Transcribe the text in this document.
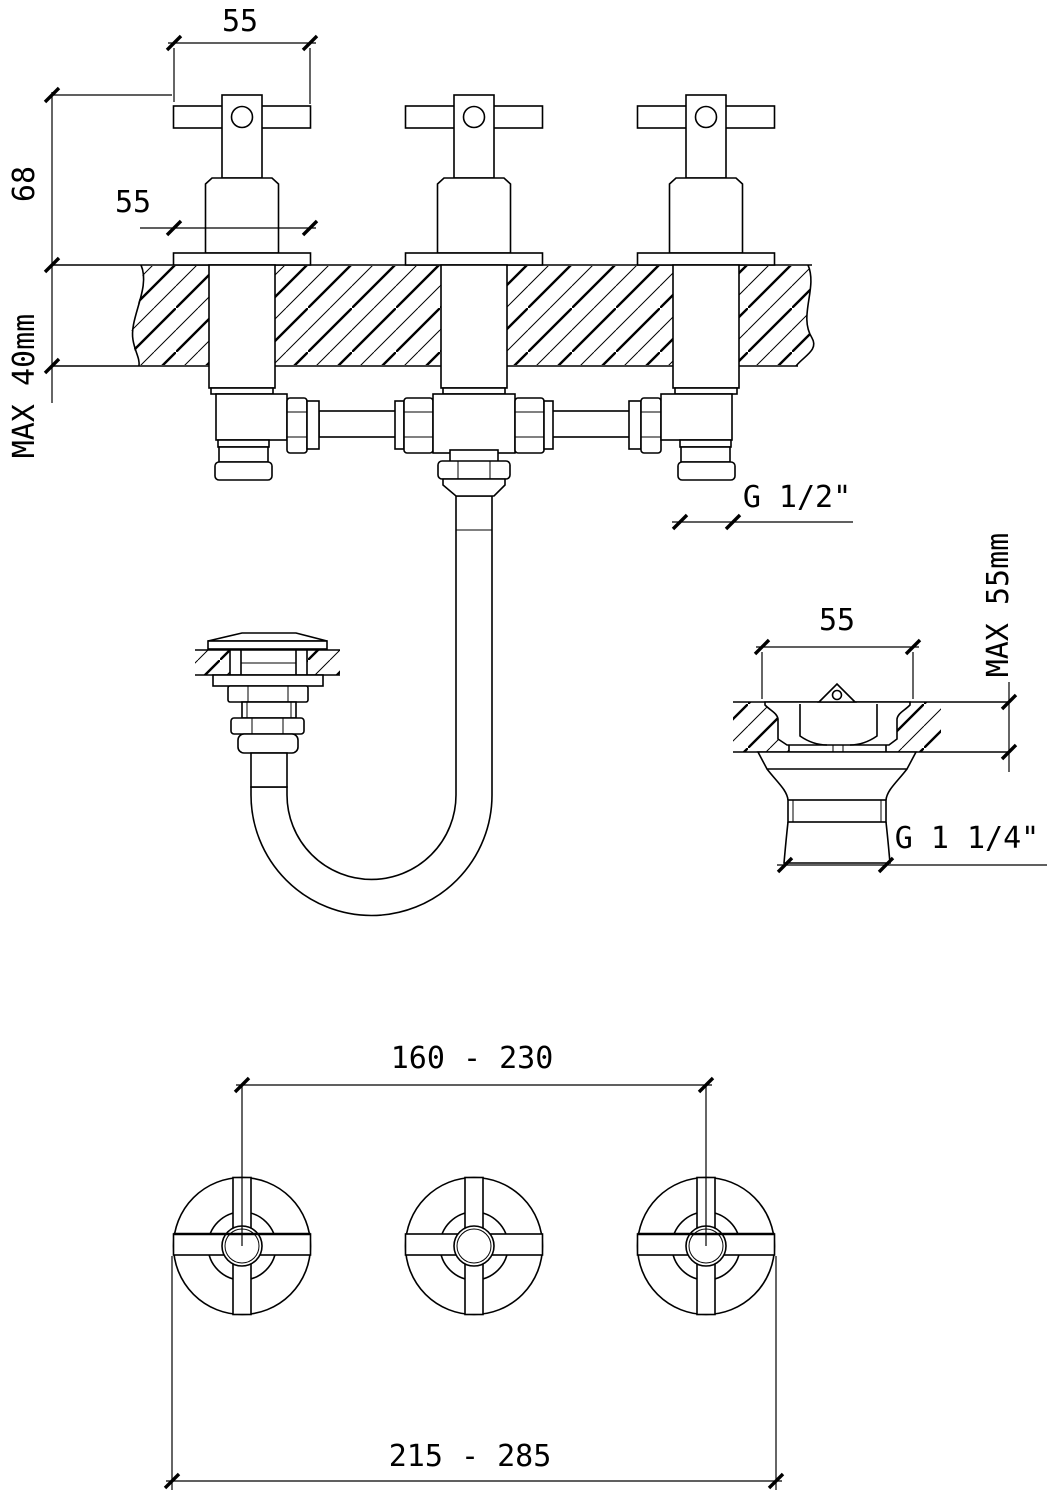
55
68
MAX 40mm
55
G 1/2"
55	MAX 55mm
G 1 1/4"
160 - 230
215 - 285
